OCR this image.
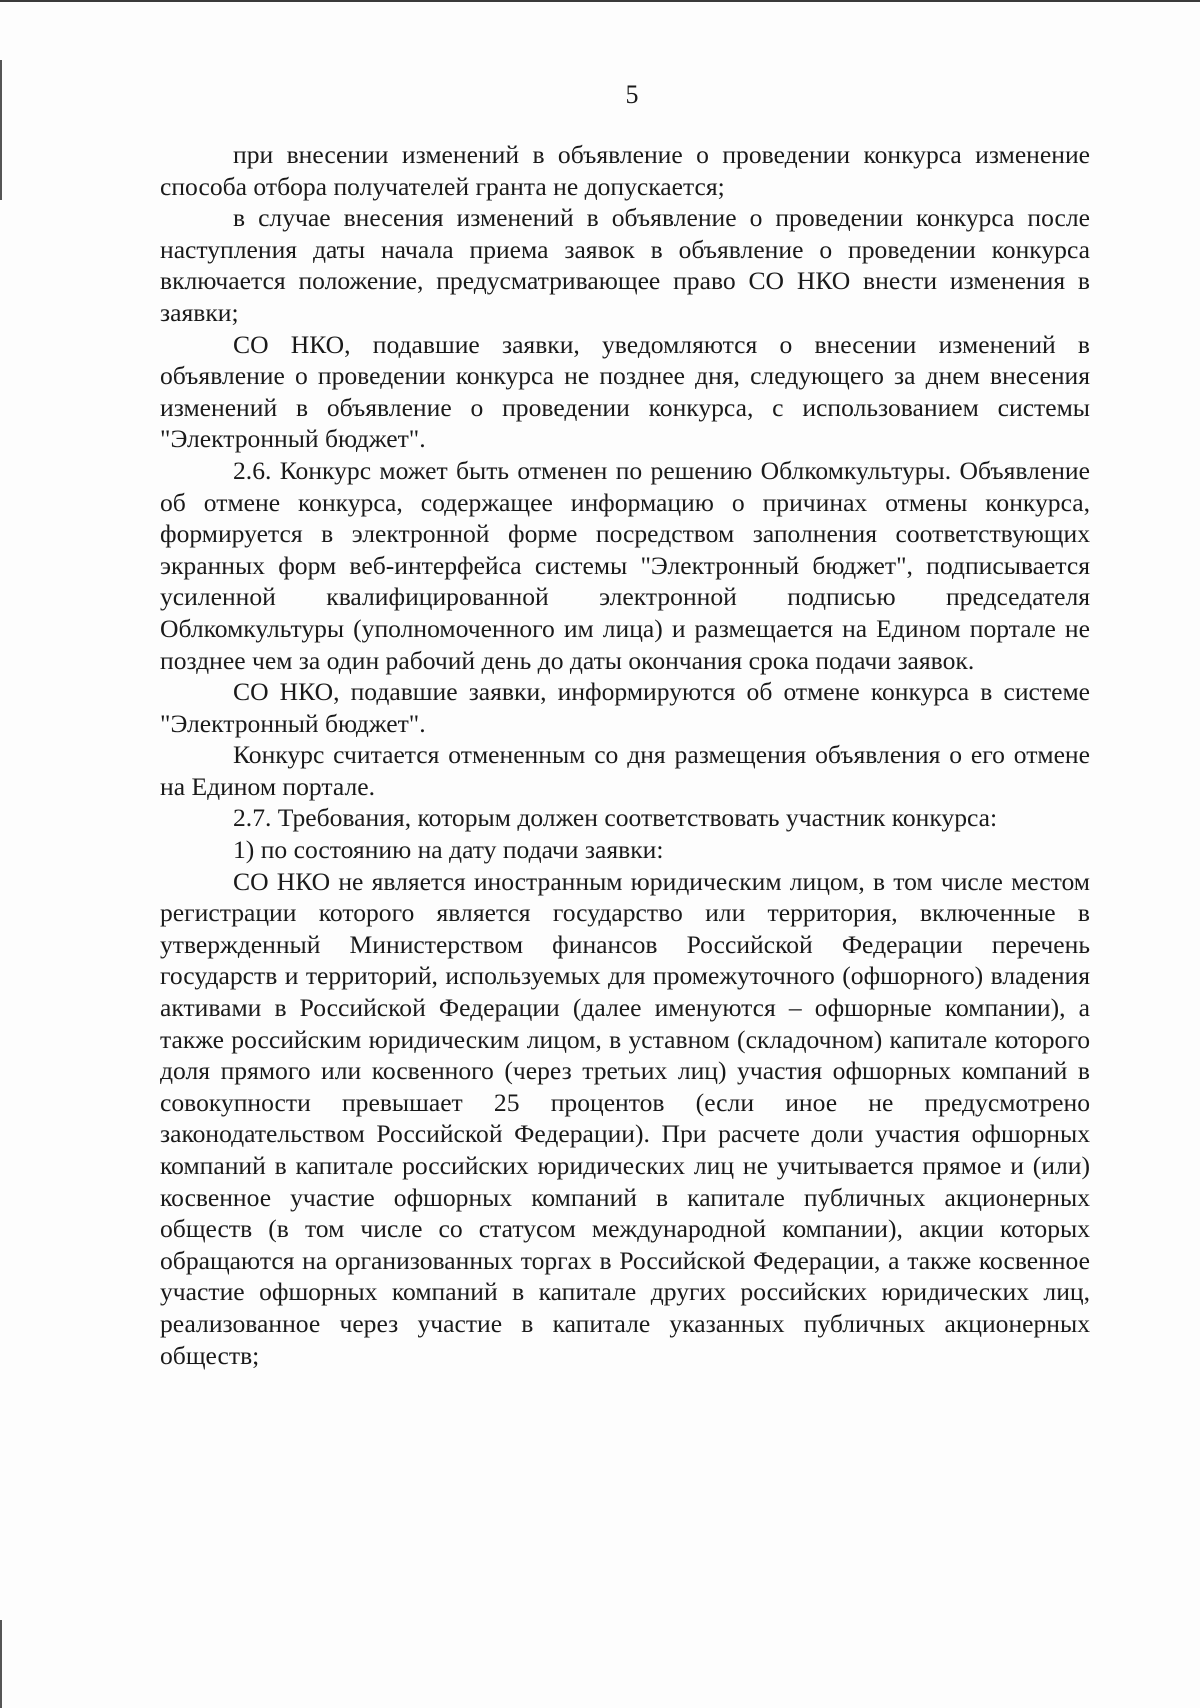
5

при внесении изменений в объявление о проведении конкурса изменение способа отбора получателей гранта не допускается;

в случае внесения изменений в объявление о проведении конкурса после наступления даты начала приема заявок в объявление о проведении конкурса включается положение, предусматривающее право СО НКО внести изменения в заявки;

СО НКО, подавшие заявки, уведомляются о внесении изменений в объявление о проведении конкурса не позднее дня, следующего за днем внесения изменений в объявление о проведении конкурса, с использованием системы "Электронный бюджет".

2.6. Конкурс может быть отменен по решению Облкомкультуры. Объявление об отмене конкурса, содержащее информацию о причинах отмены конкурса, формируется в электронной форме посредством заполнения соответствующих экранных форм веб-интерфейса системы "Электронный бюджет", подписывается усиленной квалифицированной электронной подписью председателя Облкомкультуры (уполномоченного им лица) и размещается на Едином портале не позднее чем за один рабочий день до даты окончания срока подачи заявок.

СО НКО, подавшие заявки, информируются об отмене конкурса в системе "Электронный бюджет".

Конкурс считается отмененным со дня размещения объявления о его отмене на Едином портале.

2.7. Требования, которым должен соответствовать участник конкурса:

1) по состоянию на дату подачи заявки:

СО НКО не является иностранным юридическим лицом, в том числе местом регистрации которого является государство или территория, включенные в утвержденный Министерством финансов Российской Федерации перечень государств и территорий, используемых для промежуточного (офшорного) владения активами в Российской Федерации (далее именуются – офшорные компании), а также российским юридическим лицом, в уставном (складочном) капитале которого доля прямого или косвенного (через третьих лиц) участия офшорных компаний в совокупности превышает 25 процентов (если иное не предусмотрено законодательством Российской Федерации). При расчете доли участия офшорных компаний в капитале российских юридических лиц не учитывается прямое и (или) косвенное участие офшорных компаний в капитале публичных акционерных обществ (в том числе со статусом международной компании), акции которых обращаются на организованных торгах в Российской Федерации, а также косвенное участие офшорных компаний в капитале других российских юридических лиц, реализованное через участие в капитале указанных публичных акционерных обществ;
